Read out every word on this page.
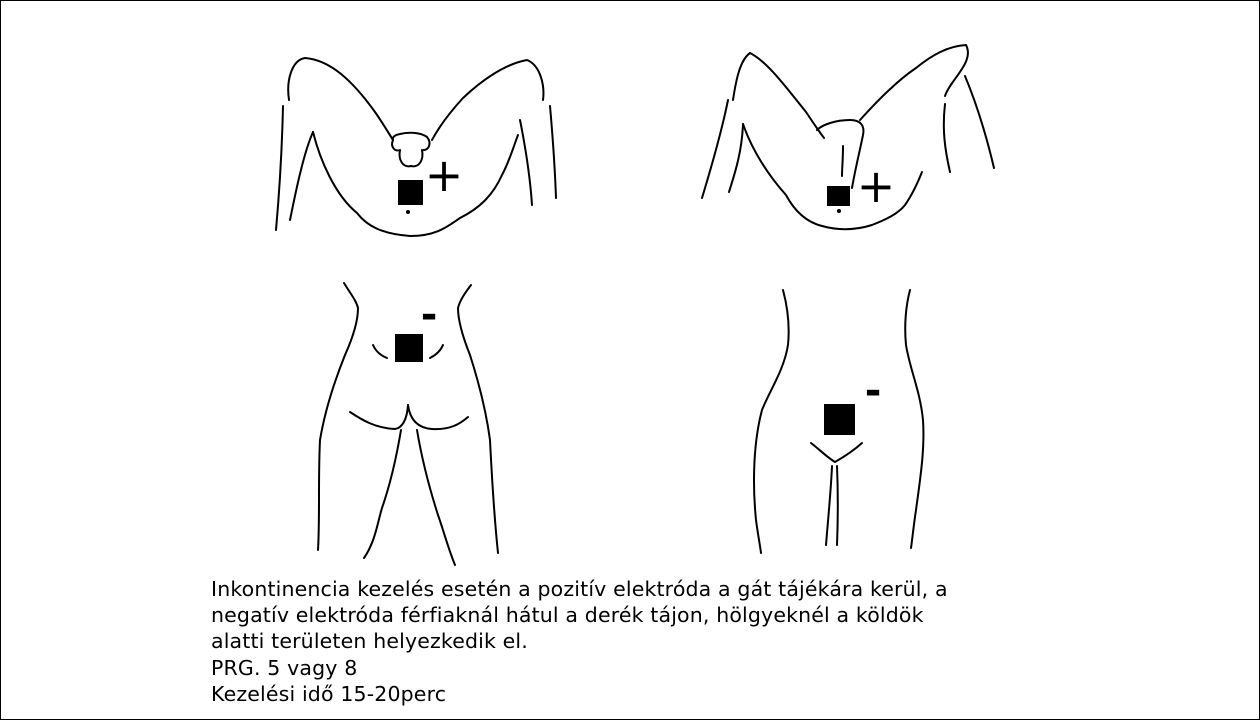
+	+
-
-
Inkontinencia kezelés esetén a pozitív elektróda a gát tájékára kerül, a
negatív elektróda férfiaknál hátul a derék tájon, hölgyeknél a köldök
alatti területen helyezkedik el.
PRG. 5 vagy 8
Kezelési idő 15-20perc
